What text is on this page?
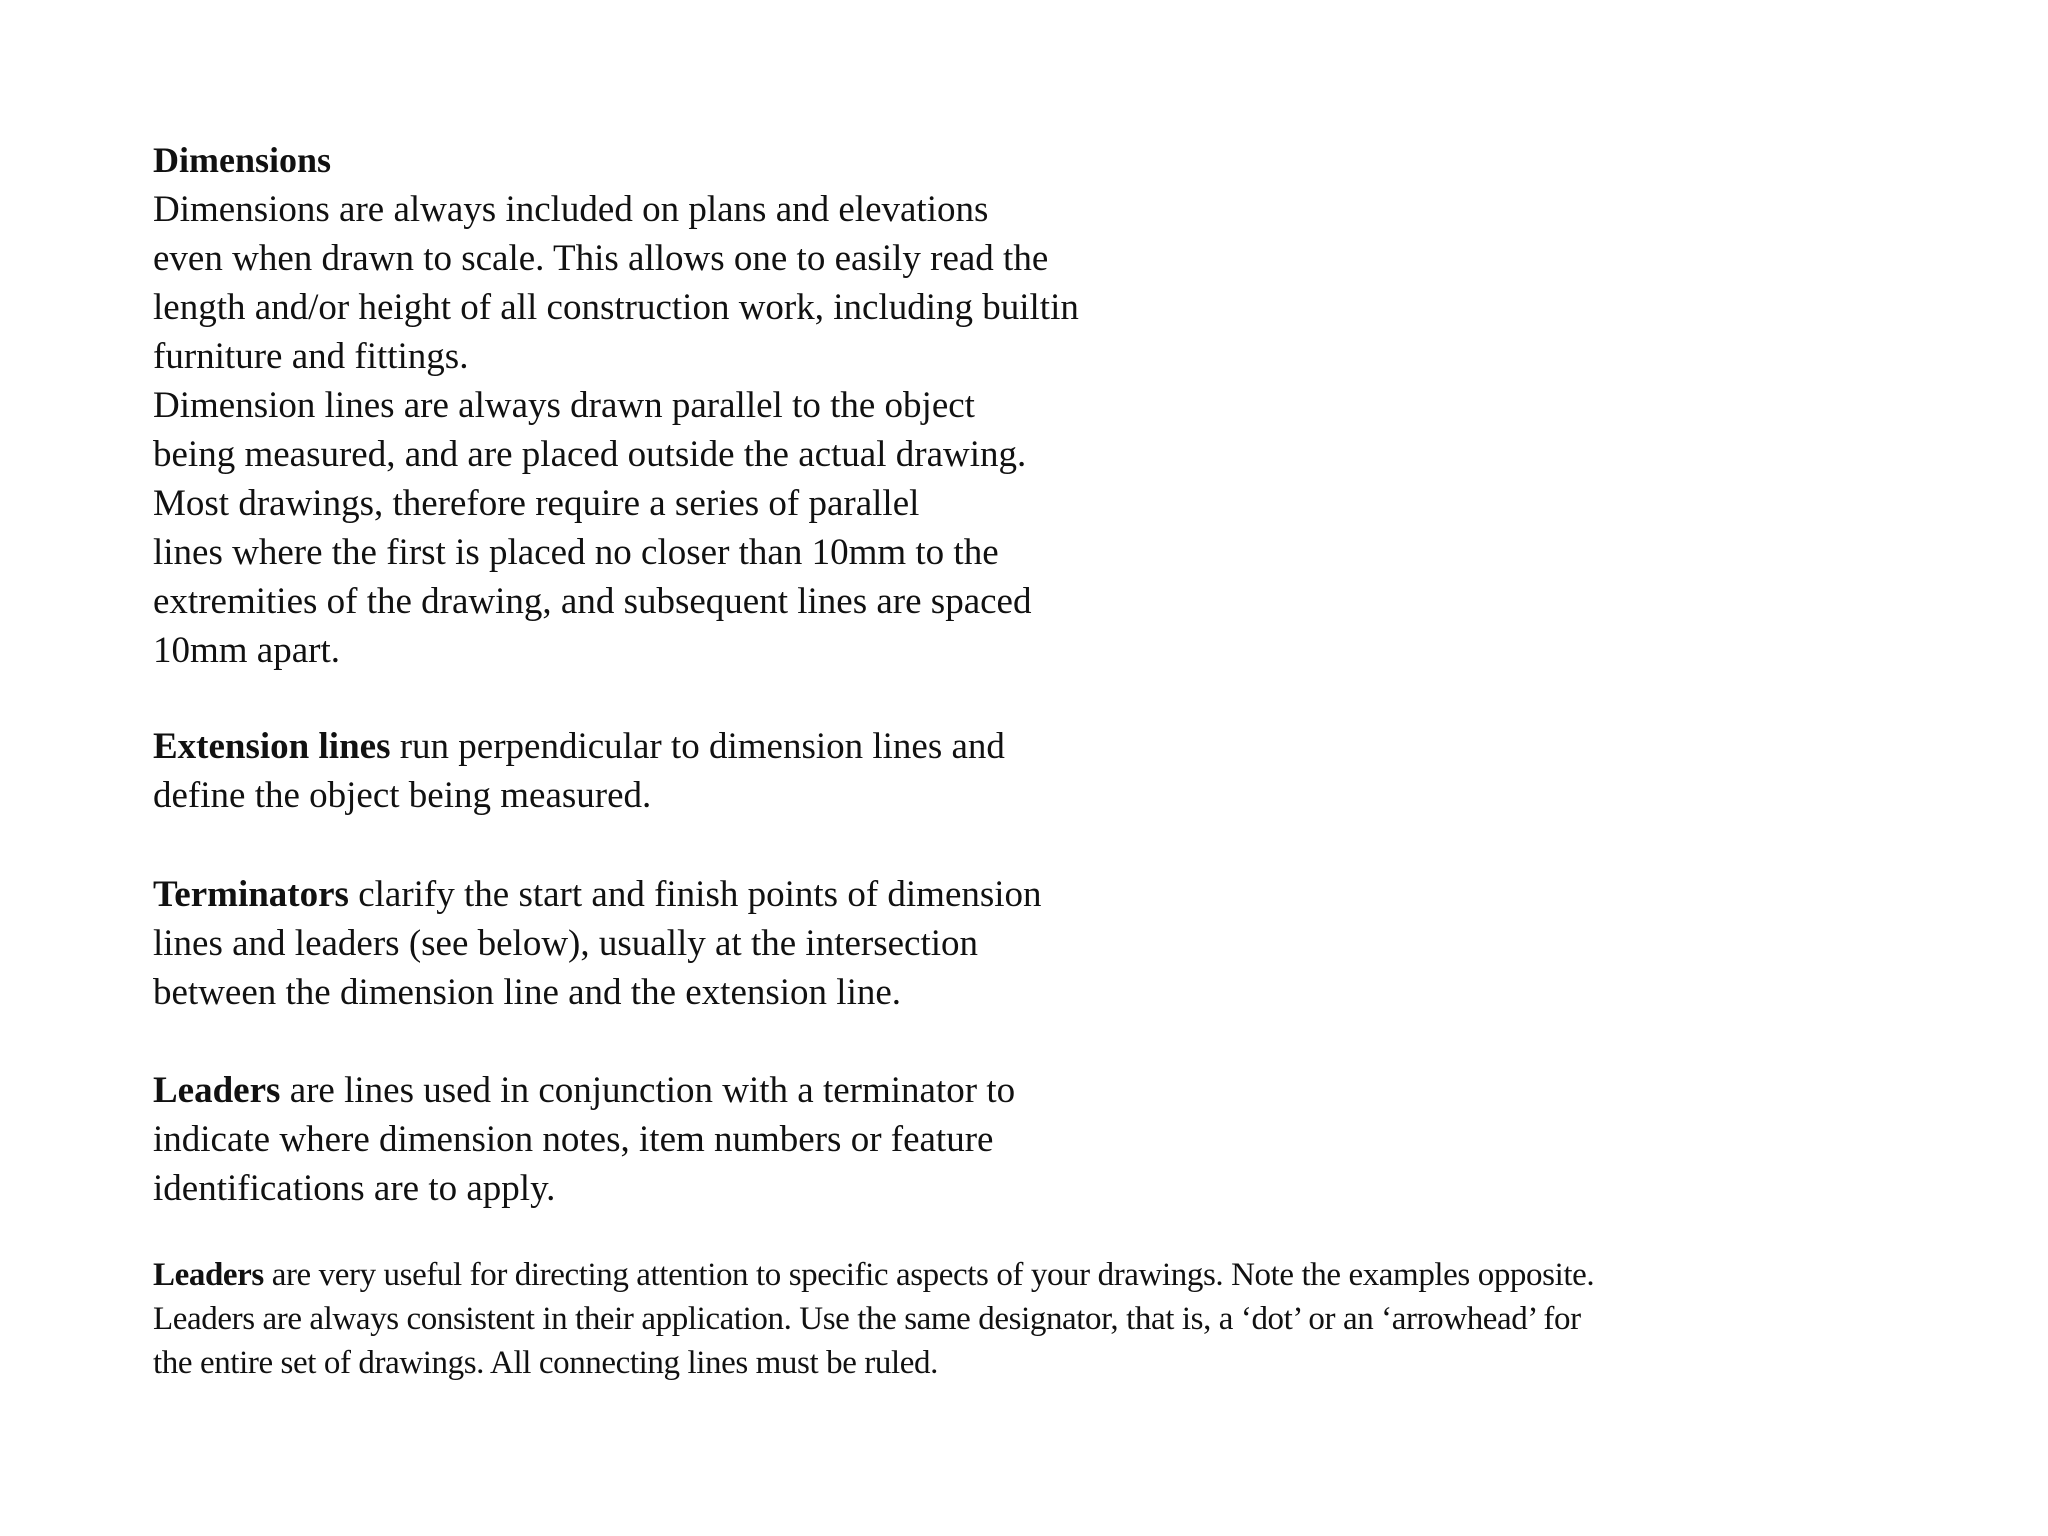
Dimensions

Dimensions are always included on plans and elevations
even when drawn to scale. This allows one to easily read the
length and/or height of all construction work, including builtin
furniture and fittings.
Dimension lines are always drawn parallel to the object
being measured, and are placed outside the actual drawing.
Most drawings, therefore require a series of parallel
lines where the first is placed no closer than 10mm to the
extremities of the drawing, and subsequent lines are spaced
10mm apart.

Extension lines run perpendicular to dimension lines and
define the object being measured.

Terminators clarify the start and finish points of dimension
lines and leaders (see below), usually at the intersection
between the dimension line and the extension line.

Leaders are lines used in conjunction with a terminator to
indicate where dimension notes, item numbers or feature
identifications are to apply.

Leaders are very useful for directing attention to specific aspects of your drawings. Note the examples opposite.
Leaders are always consistent in their application. Use the same designator, that is, a ‘dot’ or an ‘arrowhead’ for
the entire set of drawings. All connecting lines must be ruled.
